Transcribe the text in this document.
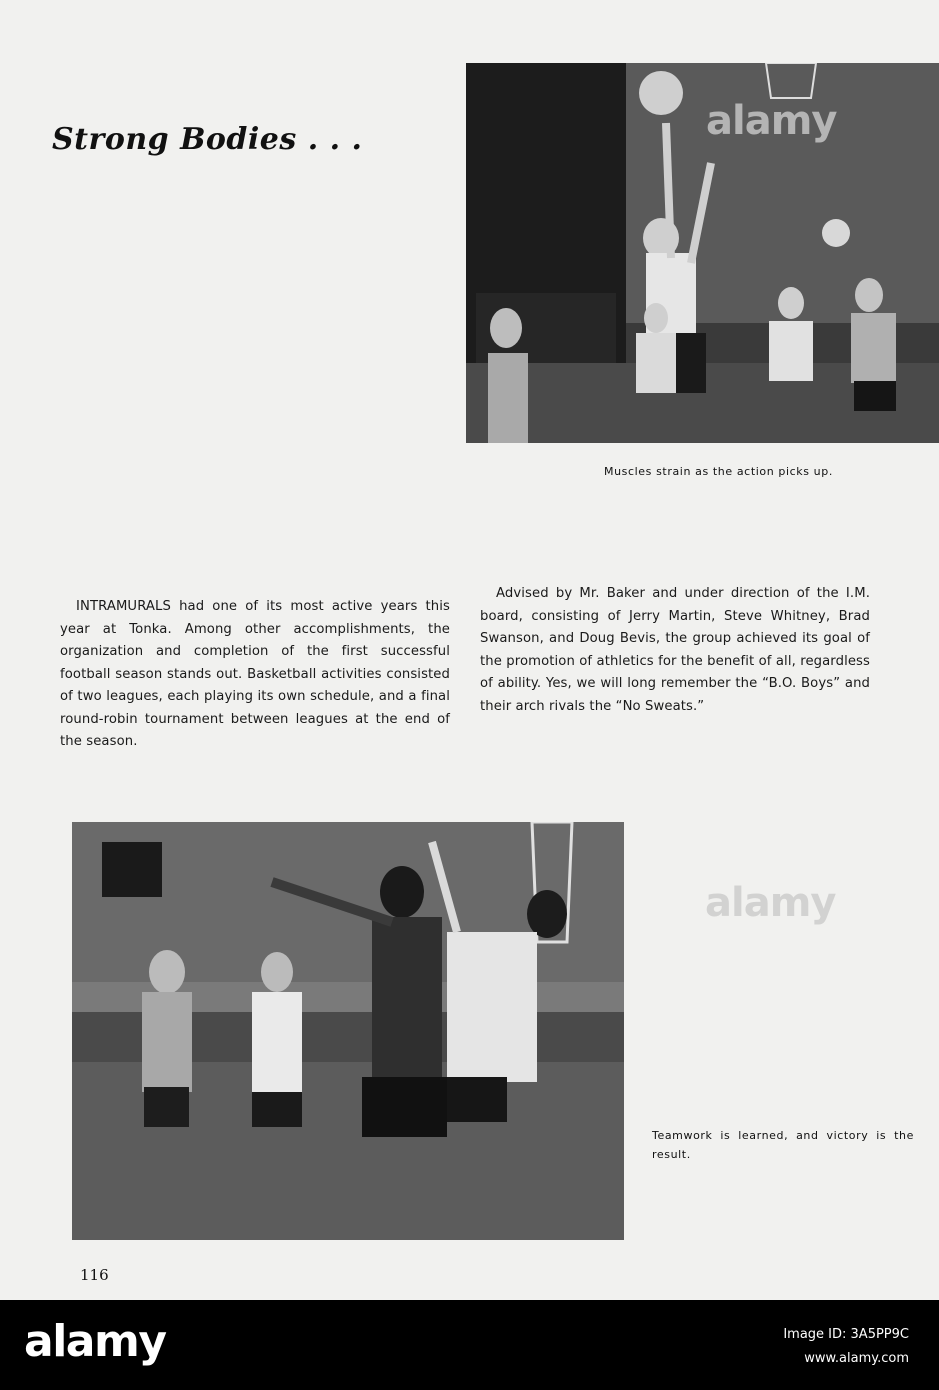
Strong Bodies . . .	alamy
Muscles strain as the action picks up.
INTRAMURALS had one of its most active years this year at Tonka. Among other accomplishments, the organization and completion of the first successful football season stands out. Basketball activities consisted of two leagues, each playing its own schedule, and a final round-robin tournament between leagues at the end of the season.
Advised by Mr. Baker and under direction of the I.M. board, consisting of Jerry Martin, Steve Whitney, Brad Swanson, and Doug Bevis, the group achieved its goal of the promotion of athletics for the benefit of all, regardless of ability. Yes, we will long remember the “B.O. Boys” and their arch rivals the “No Sweats.”
alamy
Teamwork is learned, and victory is the result.
116
alamy	Image ID: 3A5PP9C
www.alamy.com
